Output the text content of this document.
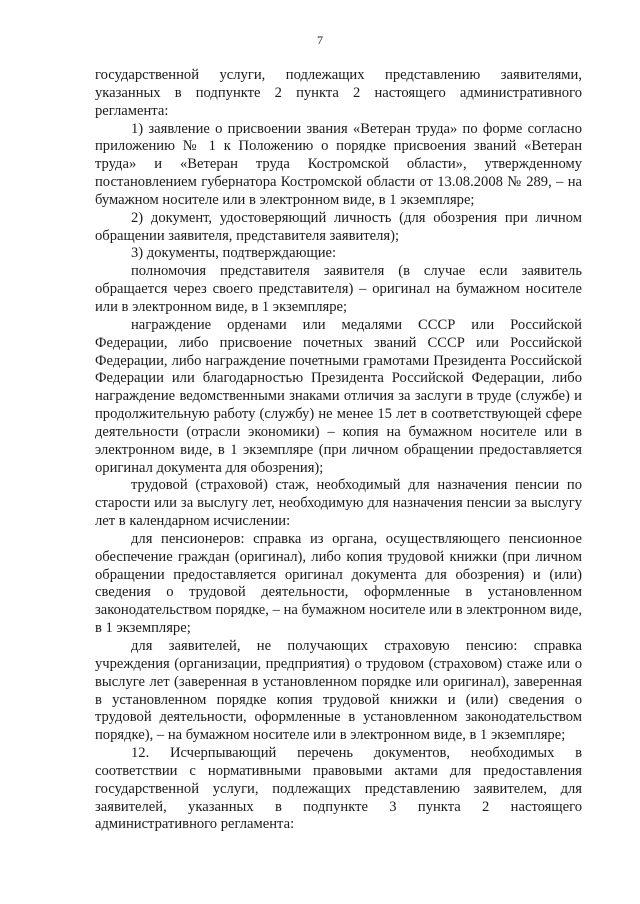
7

государственной услуги, подлежащих представлению заявителями, указанных в подпункте 2 пункта 2 настоящего административного регламента:

1) заявление о присвоении звания «Ветеран труда» по форме согласно приложению № 1 к Положению о порядке присвоения званий «Ветеран труда» и «Ветеран труда Костромской области», утвержденному постановлением губернатора Костромской области от 13.08.2008 № 289, – на бумажном носителе или в электронном виде, в 1 экземпляре;

2) документ, удостоверяющий личность (для обозрения при личном обращении заявителя, представителя заявителя);

3) документы, подтверждающие:

полномочия представителя заявителя (в случае если заявитель обращается через своего представителя) – оригинал на бумажном носителе или в электронном виде, в 1 экземпляре;

награждение орденами или медалями СССР или Российской Федерации, либо присвоение почетных званий СССР или Российской Федерации, либо награждение почетными грамотами Президента Российской Федерации или благодарностью Президента Российской Федерации, либо награждение ведомственными знаками отличия за заслуги в труде (службе) и продолжительную работу (службу) не менее 15 лет в соответствующей сфере деятельности (отрасли экономики) – копия на бумажном носителе или в электронном виде, в 1 экземпляре (при личном обращении предоставляется оригинал документа для обозрения);

трудовой (страховой) стаж, необходимый для назначения пенсии по старости или за выслугу лет, необходимую для назначения пенсии за выслугу лет в календарном исчислении:

для пенсионеров: справка из органа, осуществляющего пенсионное обеспечение граждан (оригинал), либо копия трудовой книжки (при личном обращении предоставляется оригинал документа для обозрения) и (или) сведения о трудовой деятельности, оформленные в установленном законодательством порядке, – на бумажном носителе или в электронном виде, в 1 экземпляре;

для заявителей, не получающих страховую пенсию: справка учреждения (организации, предприятия) о трудовом (страховом) стаже или о выслуге лет (заверенная в установленном порядке или оригинал), заверенная в установленном порядке копия трудовой книжки и (или) сведения о трудовой деятельности, оформленные в установленном законодательством порядке), – на бумажном носителе или в электронном виде, в 1 экземпляре;

12. Исчерпывающий перечень документов, необходимых в соответствии с нормативными правовыми актами для предоставления государственной услуги, подлежащих представлению заявителем, для заявителей, указанных в подпункте 3 пункта 2 настоящего административного регламента:
